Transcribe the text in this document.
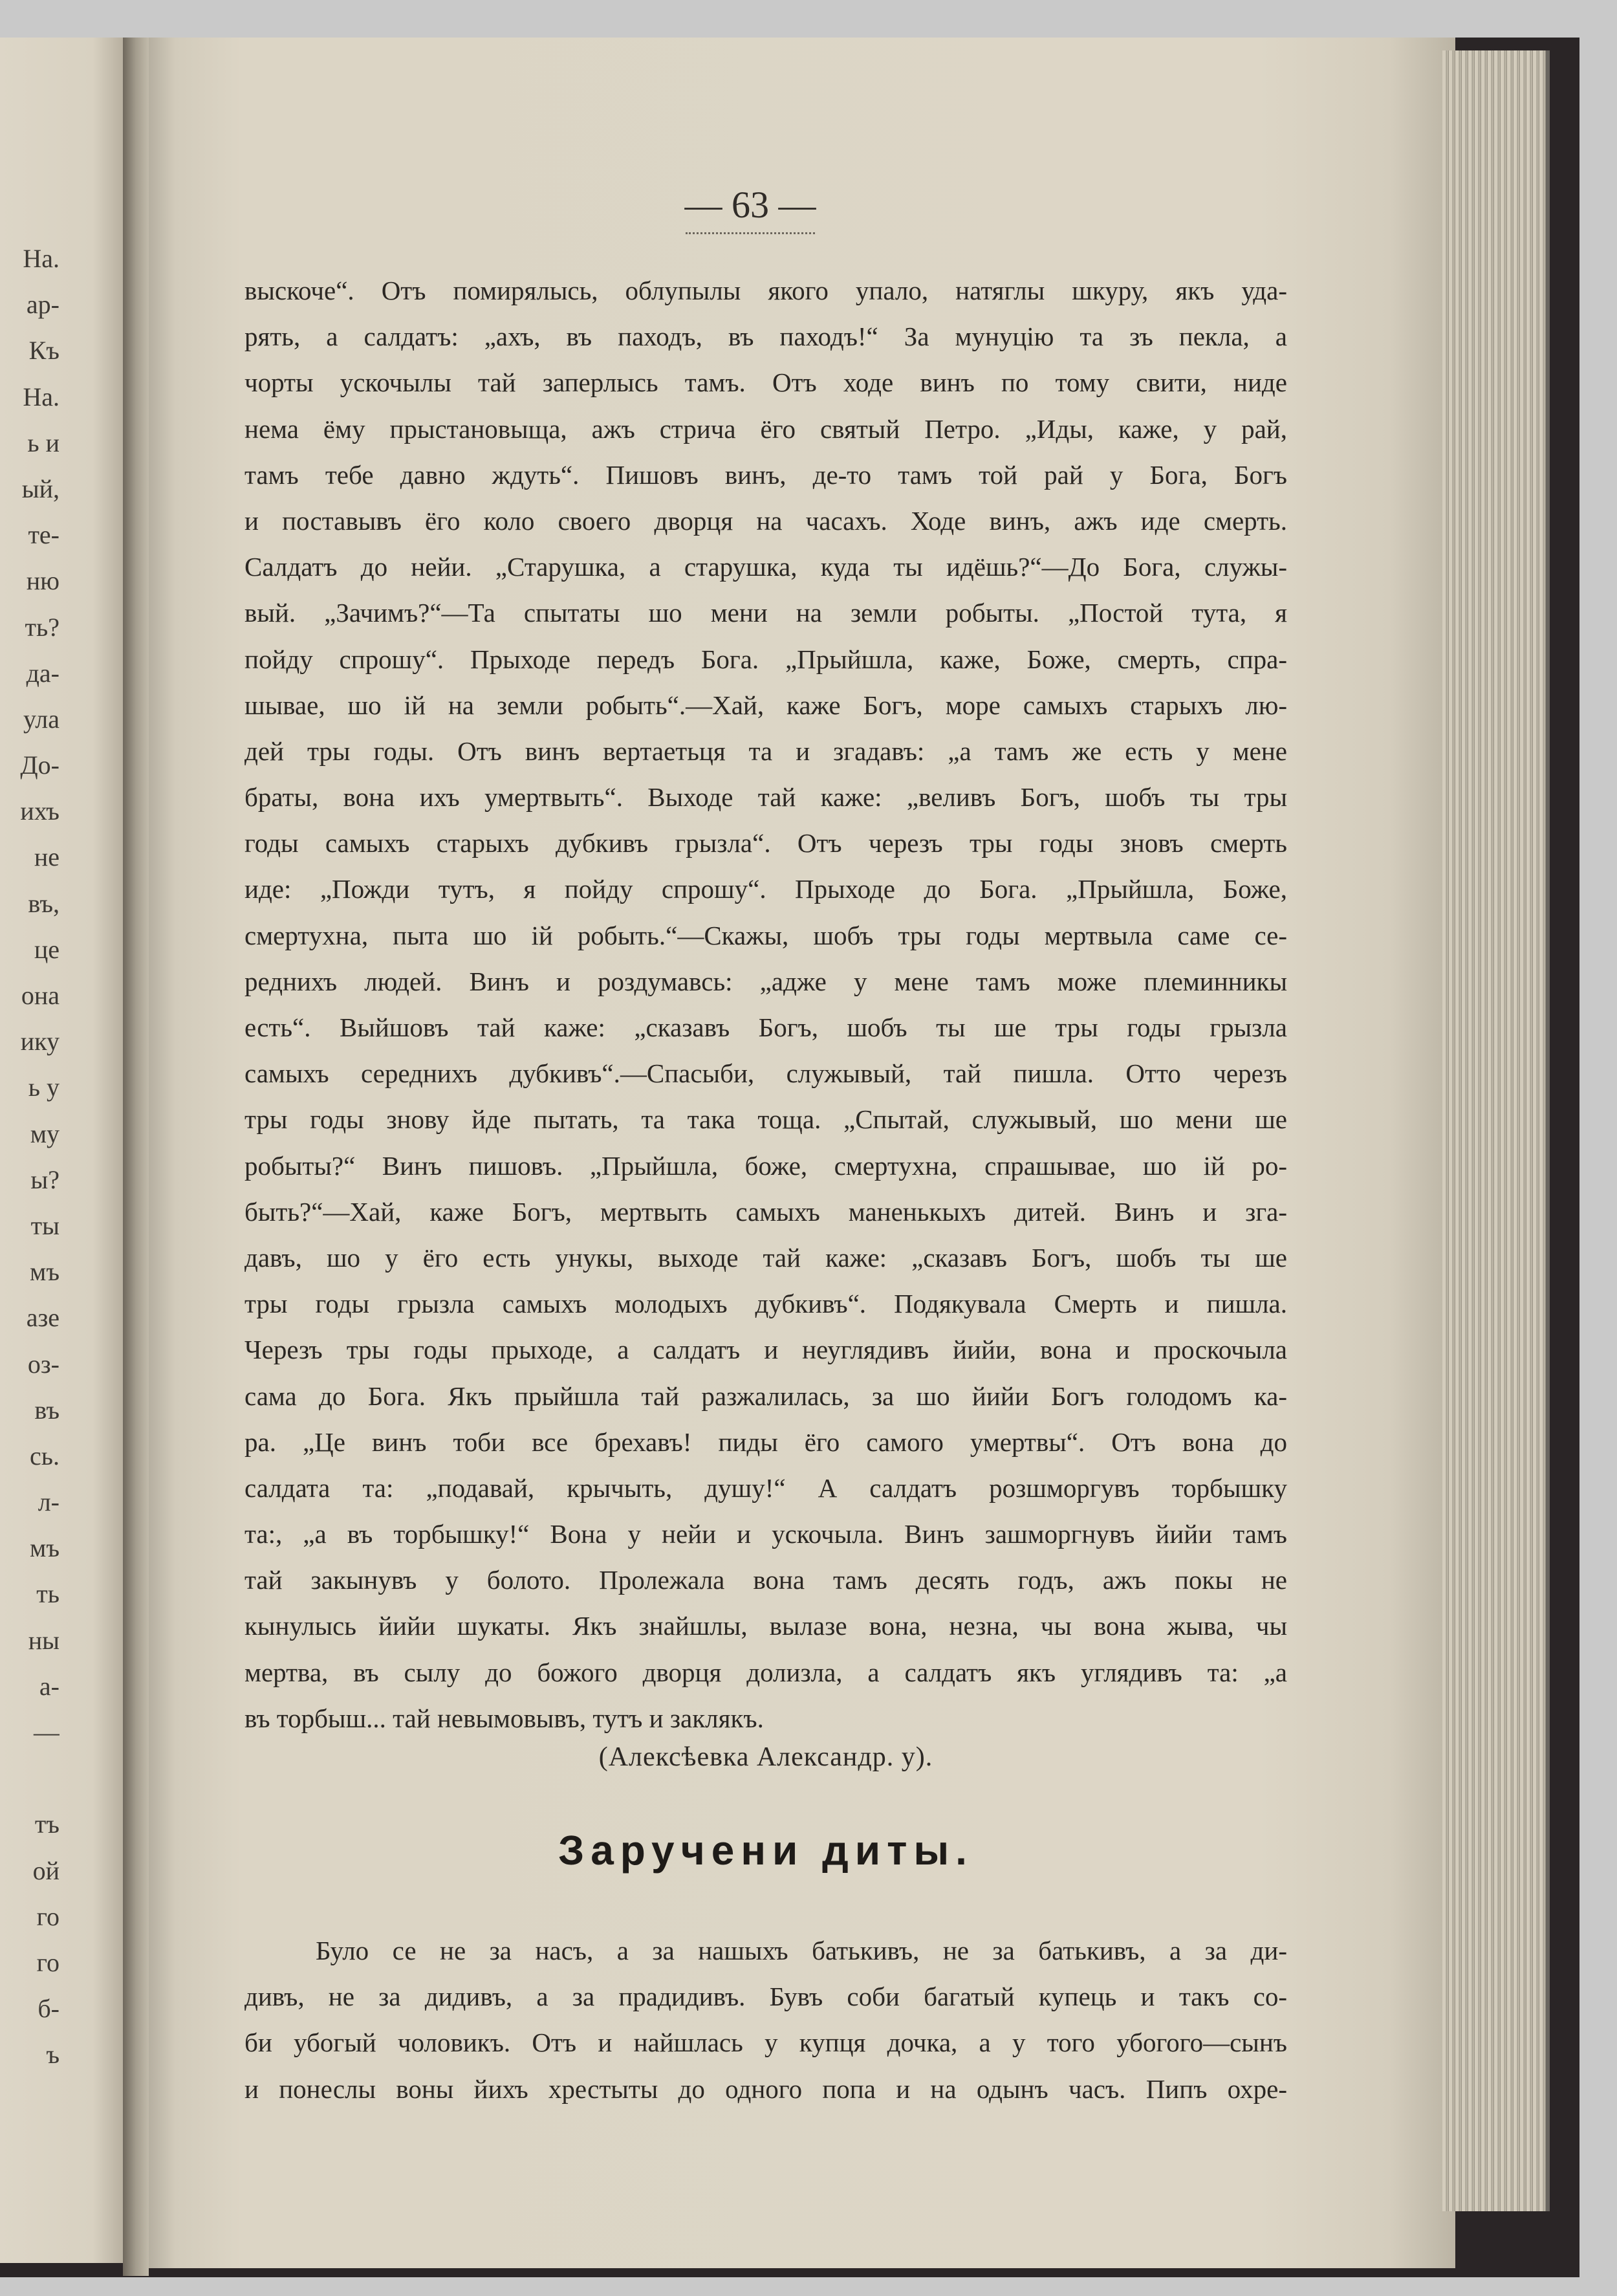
На.
ар-
Къ
На.
ь и
ый,
те-
ню
ть?
да-
ула
До-
ихъ
не
въ,
це
она
ику
ь у
му
ы?
ты
мъ
азе
оз-
въ
сь.
л-
мъ
ть
ны
а-
—
тъ
ой
го
го
б-
ъ
— 63 —
выскоче“. Отъ помирялысь, облупылы якого упало, натяглы шкуру, якъ уда-
рять, а салдатъ: „ахъ, въ паходъ, въ паходъ!“ За мунуцію та зъ пекла, а
чорты ускочылы тай заперлысь тамъ. Отъ ходе винъ по тому свити, ниде
нема ёму прыстановыща, ажъ стрича ёго святый Петро. „Иды, каже, у рай,
тамъ тебе давно ждуть“. Пишовъ винъ, де-то тамъ той рай у Бога, Богъ
и поставывъ ёго коло своего дворця на часахъ. Ходе винъ, ажъ иде смерть.
Салдатъ до нейи. „Старушка, а старушка, куда ты идёшь?“—До Бога, служы-
вый. „Зачимъ?“—Та спытаты шо мени на земли робыты. „Постой тута, я
пойду спрошу“. Прыходе передъ Бога. „Прыйшла, каже, Боже, смерть, спра-
шывае, шо ій на земли робыть“.—Хай, каже Богъ, море самыхъ старыхъ лю-
дей тры годы. Отъ винъ вертаетьця та и згадавъ: „а тамъ же есть у мене
браты, вона ихъ умертвыть“. Выходе тай каже: „веливъ Богъ, шобъ ты тры
годы самыхъ старыхъ дубкивъ грызла“. Отъ черезъ тры годы зновъ смерть
иде: „Пожди тутъ, я пойду спрошу“. Прыходе до Бога. „Прыйшла, Боже,
смертухна, пыта шо ій робыть.“—Скажы, шобъ тры годы мертвыла саме се-
реднихъ людей. Винъ и роздумавсь: „адже у мене тамъ може племинникы
есть“. Выйшовъ тай каже: „сказавъ Богъ, шобъ ты ше тры годы грызла
самыхъ середнихъ дубкивъ“.—Спасыби, служывый, тай пишла. Отто черезъ
тры годы знову йде пытать, та така тоща. „Спытай, служывый, шо мени ше
робыты?“ Винъ пишовъ. „Прыйшла, боже, смертухна, спрашывае, шо ій ро-
быть?“—Хай, каже Богъ, мертвыть самыхъ маненькыхъ дитей. Винъ и зга-
давъ, шо у ёго есть унукы, выходе тай каже: „сказавъ Богъ, шобъ ты ше
тры годы грызла самыхъ молодыхъ дубкивъ“. Подякувала Смерть и пишла.
Черезъ тры годы прыходе, а салдатъ и неуглядивъ йийи, вона и проскочыла
сама до Бога. Якъ прыйшла тай разжалилась, за шо йийи Богъ голодомъ ка-
ра. „Це винъ тоби все брехавъ! пиды ёго самого умертвы“. Отъ вона до
салдата та: „подавай, крычыть, душу!“ А салдатъ розшморгувъ торбышку
та:, „а въ торбышку!“ Вона у нейи и ускочыла. Винъ зашморгнувъ йийи тамъ
тай закынувъ у болото. Пролежала вона тамъ десять годъ, ажъ покы не
кынулысь йийи шукаты. Якъ знайшлы, вылазе вона, незна, чы вона жыва, чы
мертва, въ сылу до божого дворця долизла, а салдатъ якъ углядивъ та: „а
въ торбыш... тай невымовывъ, тутъ и заклякъ.
(Алексѣевка Александр. у).
Заручени диты.
Було се не за насъ, а за нашыхъ батькивъ, не за батькивъ, а за ди-
дивъ, не за дидивъ, а за прадидивъ. Бувъ соби багатый купець и такъ со-
би убогый чоловикъ. Отъ и найшлась у купця дочка, а у того убогого—сынъ
и понеслы воны йихъ хрестыты до одного попа и на одынъ часъ. Пипъ охре-
